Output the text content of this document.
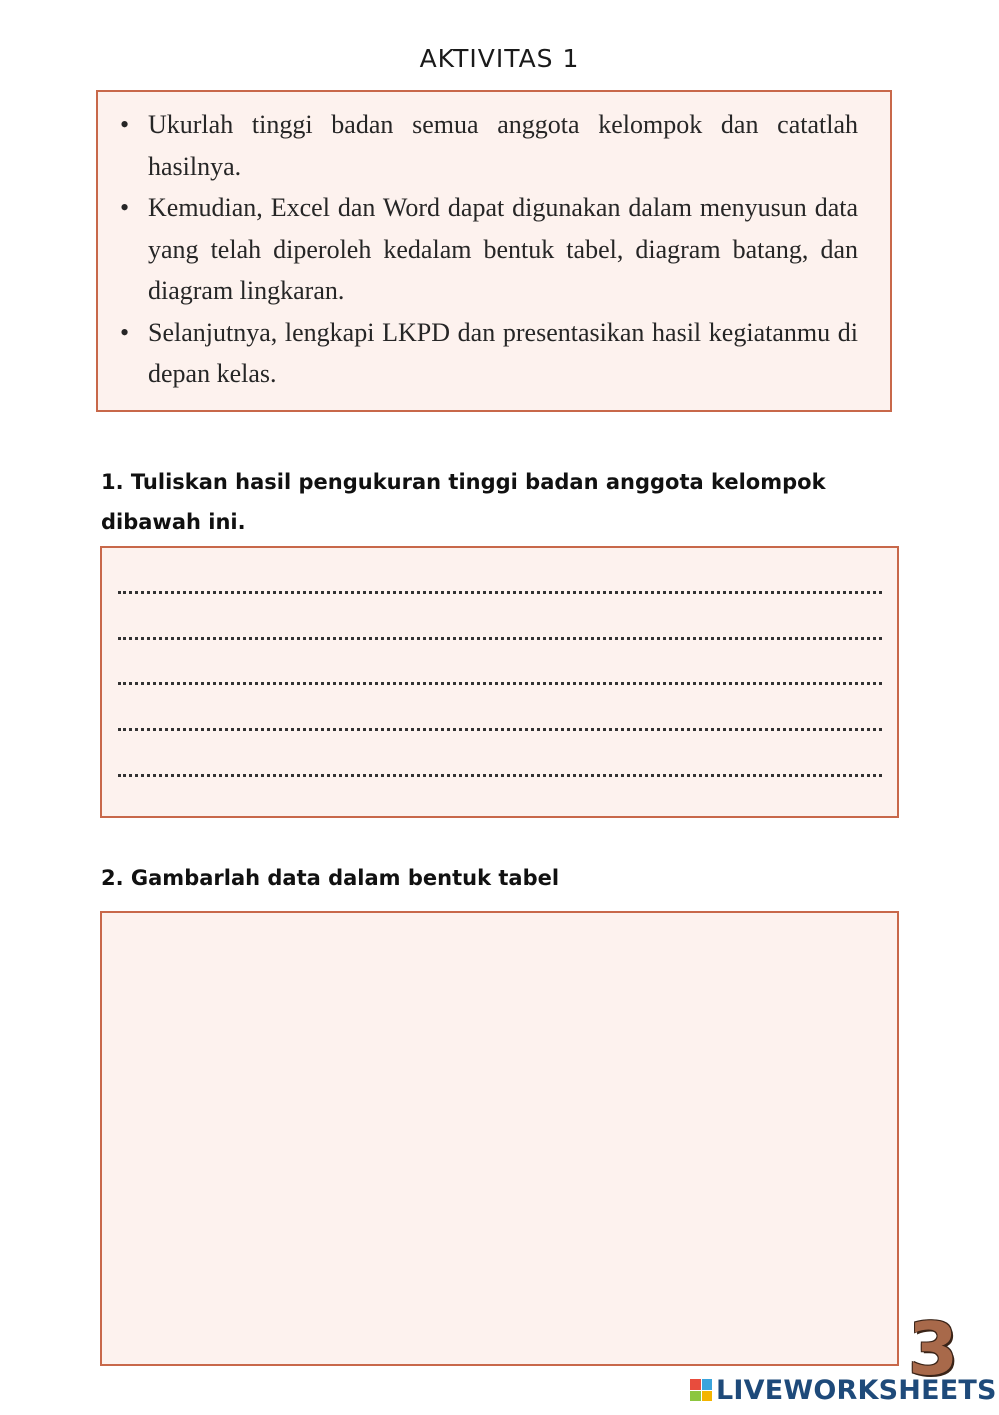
AKTIVITAS 1
• Ukurlah tinggi badan semua anggota kelompok dan catatlah hasilnya.
• Kemudian, Excel dan Word dapat digunakan dalam menyusun data yang telah diperoleh kedalam bentuk tabel, diagram batang, dan diagram lingkaran.
• Selanjutnya, lengkapi LKPD dan presentasikan hasil kegiatanmu di depan kelas.
1. Tuliskan hasil pengukuran tinggi badan anggota kelompok dibawah ini.
2. Gambarlah data dalam bentuk tabel
3
LIVEWORKSHEETS
